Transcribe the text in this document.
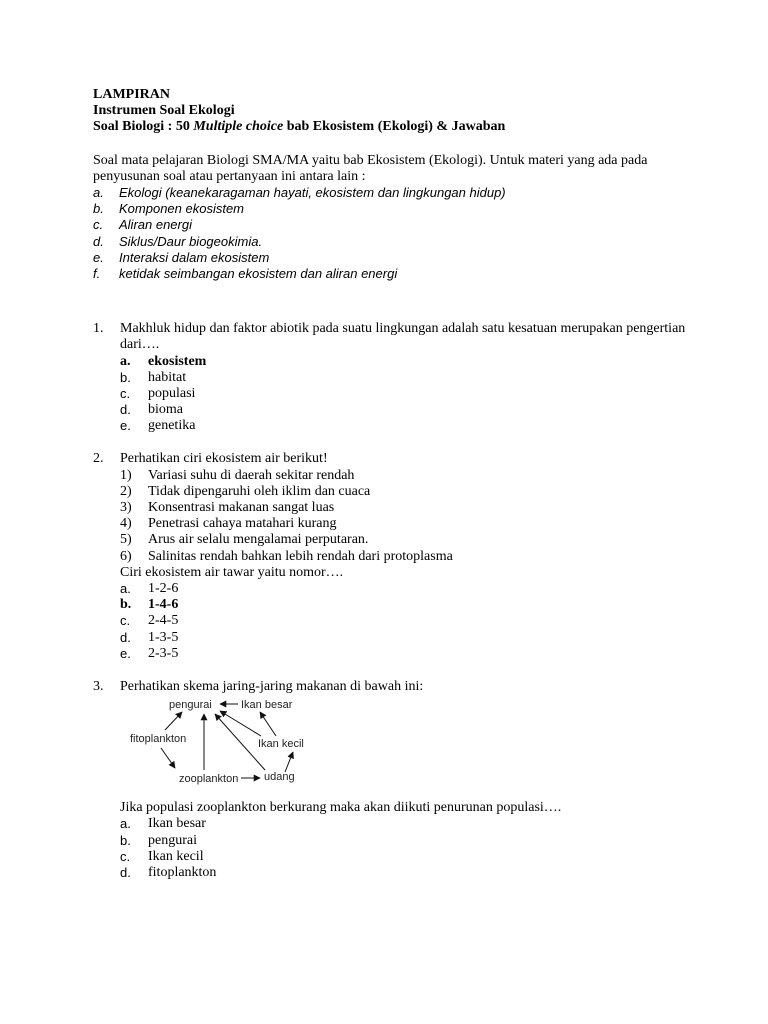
LAMPIRAN
Instrumen Soal Ekologi
Soal Biologi : 50 Multiple choice bab Ekosistem (Ekologi) & Jawaban
Soal mata pelajaran Biologi SMA/MA yaitu bab Ekosistem (Ekologi). Untuk materi yang ada pada penyusunan soal atau pertanyaan ini antara lain :
a. Ekologi (keanekaragaman hayati, ekosistem dan lingkungan hidup)
b. Komponen ekosistem
c. Aliran energi
d. Siklus/Daur biogeokimia.
e. Interaksi dalam ekosistem
f. ketidak seimbangan ekosistem dan aliran energi
1. Makhluk hidup dan faktor abiotik pada suatu lingkungan adalah satu kesatuan merupakan pengertian dari….
a. ekosistem
b. habitat
c. populasi
d. bioma
e. genetika
2. Perhatikan ciri ekosistem air berikut!
1) Variasi suhu di daerah sekitar rendah
2) Tidak dipengaruhi oleh iklim dan cuaca
3) Konsentrasi makanan sangat luas
4) Penetrasi cahaya matahari kurang
5) Arus air selalu mengalamai perputaran.
6) Salinitas rendah bahkan lebih rendah dari protoplasma
Ciri ekosistem air tawar yaitu nomor….
a. 1-2-6
b. 1-4-6
c. 2-4-5
d. 1-3-5
e. 2-3-5
3. Perhatikan skema jaring-jaring makanan di bawah ini:
pengurai	Ikan besar
fitoplankton	Ikan kecil
zooplankton udang
Jika populasi zooplankton berkurang maka akan diikuti penurunan populasi….
a. Ikan besar
b. pengurai
c. Ikan kecil
d. fitoplankton
